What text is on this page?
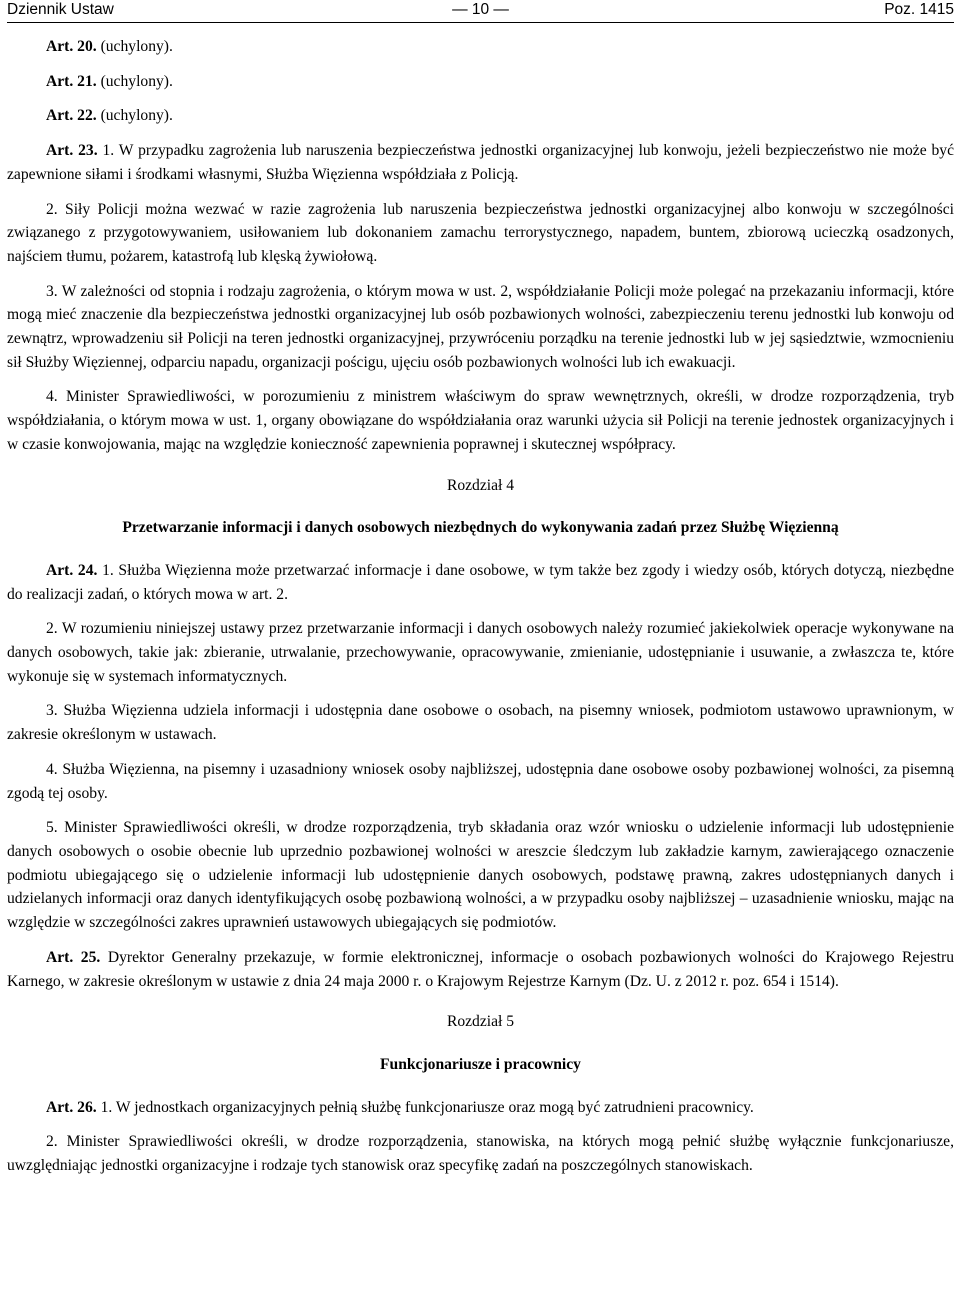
Dziennik Ustaw	— 10 —	Poz. 1415

Art. 20. (uchylony).

Art. 21. (uchylony).

Art. 22. (uchylony).

Art. 23. 1. W przypadku zagrożenia lub naruszenia bezpieczeństwa jednostki organizacyjnej lub konwoju, jeżeli bezpieczeństwo nie może być zapewnione siłami i środkami własnymi, Służba Więzienna współdziała z Policją.

2. Siły Policji można wezwać w razie zagrożenia lub naruszenia bezpieczeństwa jednostki organizacyjnej albo konwoju w szczególności związanego z przygotowywaniem, usiłowaniem lub dokonaniem zamachu terrorystycznego, napadem, buntem, zbiorową ucieczką osadzonych, najściem tłumu, pożarem, katastrofą lub klęską żywiołową.

3. W zależności od stopnia i rodzaju zagrożenia, o którym mowa w ust. 2, współdziałanie Policji może polegać na przekazaniu informacji, które mogą mieć znaczenie dla bezpieczeństwa jednostki organizacyjnej lub osób pozbawionych wolności, zabezpieczeniu terenu jednostki lub konwoju od zewnątrz, wprowadzeniu sił Policji na teren jednostki organizacyjnej, przywróceniu porządku na terenie jednostki lub w jej sąsiedztwie, wzmocnieniu sił Służby Więziennej, odparciu napadu, organizacji pościgu, ujęciu osób pozbawionych wolności lub ich ewakuacji.

4. Minister Sprawiedliwości, w porozumieniu z ministrem właściwym do spraw wewnętrznych, określi, w drodze rozporządzenia, tryb współdziałania, o którym mowa w ust. 1, organy obowiązane do współdziałania oraz warunki użycia sił Policji na terenie jednostek organizacyjnych i w czasie konwojowania, mając na względzie konieczność zapewnienia poprawnej i skutecznej współpracy.

Rozdział 4
Przetwarzanie informacji i danych osobowych niezbędnych do wykonywania zadań przez Służbę Więzienną

Art. 24. 1. Służba Więzienna może przetwarzać informacje i dane osobowe, w tym także bez zgody i wiedzy osób, których dotyczą, niezbędne do realizacji zadań, o których mowa w art. 2.

2. W rozumieniu niniejszej ustawy przez przetwarzanie informacji i danych osobowych należy rozumieć jakiekolwiek operacje wykonywane na danych osobowych, takie jak: zbieranie, utrwalanie, przechowywanie, opracowywanie, zmienianie, udostępnianie i usuwanie, a zwłaszcza te, które wykonuje się w systemach informatycznych.

3. Służba Więzienna udziela informacji i udostępnia dane osobowe o osobach, na pisemny wniosek, podmiotom ustawowo uprawnionym, w zakresie określonym w ustawach.

4. Służba Więzienna, na pisemny i uzasadniony wniosek osoby najbliższej, udostępnia dane osobowe osoby pozbawionej wolności, za pisemną zgodą tej osoby.

5. Minister Sprawiedliwości określi, w drodze rozporządzenia, tryb składania oraz wzór wniosku o udzielenie informacji lub udostępnienie danych osobowych o osobie obecnie lub uprzednio pozbawionej wolności w areszcie śledczym lub zakładzie karnym, zawierającego oznaczenie podmiotu ubiegającego się o udzielenie informacji lub udostępnienie danych osobowych, podstawę prawną, zakres udostępnianych danych i udzielanych informacji oraz danych identyfikujących osobę pozbawioną wolności, a w przypadku osoby najbliższej – uzasadnienie wniosku, mając na względzie w szczególności zakres uprawnień ustawowych ubiegających się podmiotów.

Art. 25. Dyrektor Generalny przekazuje, w formie elektronicznej, informacje o osobach pozbawionych wolności do Krajowego Rejestru Karnego, w zakresie określonym w ustawie z dnia 24 maja 2000 r. o Krajowym Rejestrze Karnym (Dz. U. z 2012 r. poz. 654 i 1514).

Rozdział 5
Funkcjonariusze i pracownicy

Art. 26. 1. W jednostkach organizacyjnych pełnią służbę funkcjonariusze oraz mogą być zatrudnieni pracownicy.

2. Minister Sprawiedliwości określi, w drodze rozporządzenia, stanowiska, na których mogą pełnić służbę wyłącznie funkcjonariusze, uwzględniając jednostki organizacyjne i rodzaje tych stanowisk oraz specyfikę zadań na poszczególnych stanowiskach.
